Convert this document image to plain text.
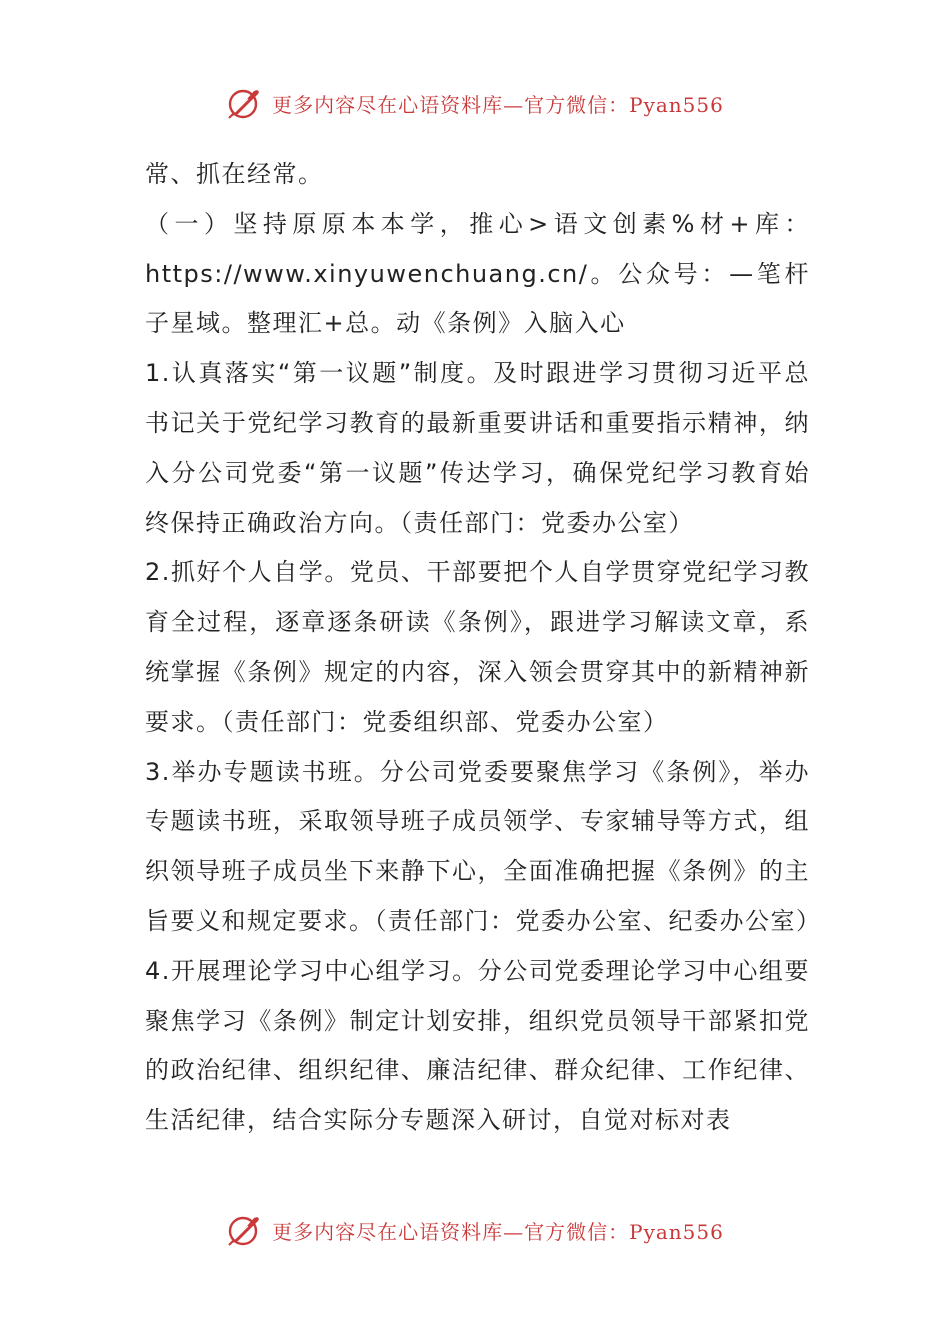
更多内容尽在心语资料库—官方微信：Pyan556

常、抓在经常。

（一）坚持原原本本学，推心>语文创素%材+库：https://www.xinyuwenchuang.cn/。公众号：—笔杆子星域。整理汇+总。动《条例》入脑入心

1.认真落实“第一议题”制度。及时跟进学习贯彻习近平总书记关于党纪学习教育的最新重要讲话和重要指示精神，纳入分公司党委“第一议题”传达学习，确保党纪学习教育始终保持正确政治方向。（责任部门：党委办公室）

2.抓好个人自学。党员、干部要把个人自学贯穿党纪学习教育全过程，逐章逐条研读《条例》，跟进学习解读文章，系统掌握《条例》规定的内容，深入领会贯穿其中的新精神新要求。（责任部门：党委组织部、党委办公室）

3.举办专题读书班。分公司党委要聚焦学习《条例》，举办专题读书班，采取领导班子成员领学、专家辅导等方式，组织领导班子成员坐下来静下心，全面准确把握《条例》的主旨要义和规定要求。（责任部门：党委办公室、纪委办公室）

4.开展理论学习中心组学习。分公司党委理论学习中心组要聚焦学习《条例》制定计划安排，组织党员领导干部紧扣党的政治纪律、组织纪律、廉洁纪律、群众纪律、工作纪律、生活纪律，结合实际分专题深入研讨，自觉对标对表

更多内容尽在心语资料库—官方微信：Pyan556
